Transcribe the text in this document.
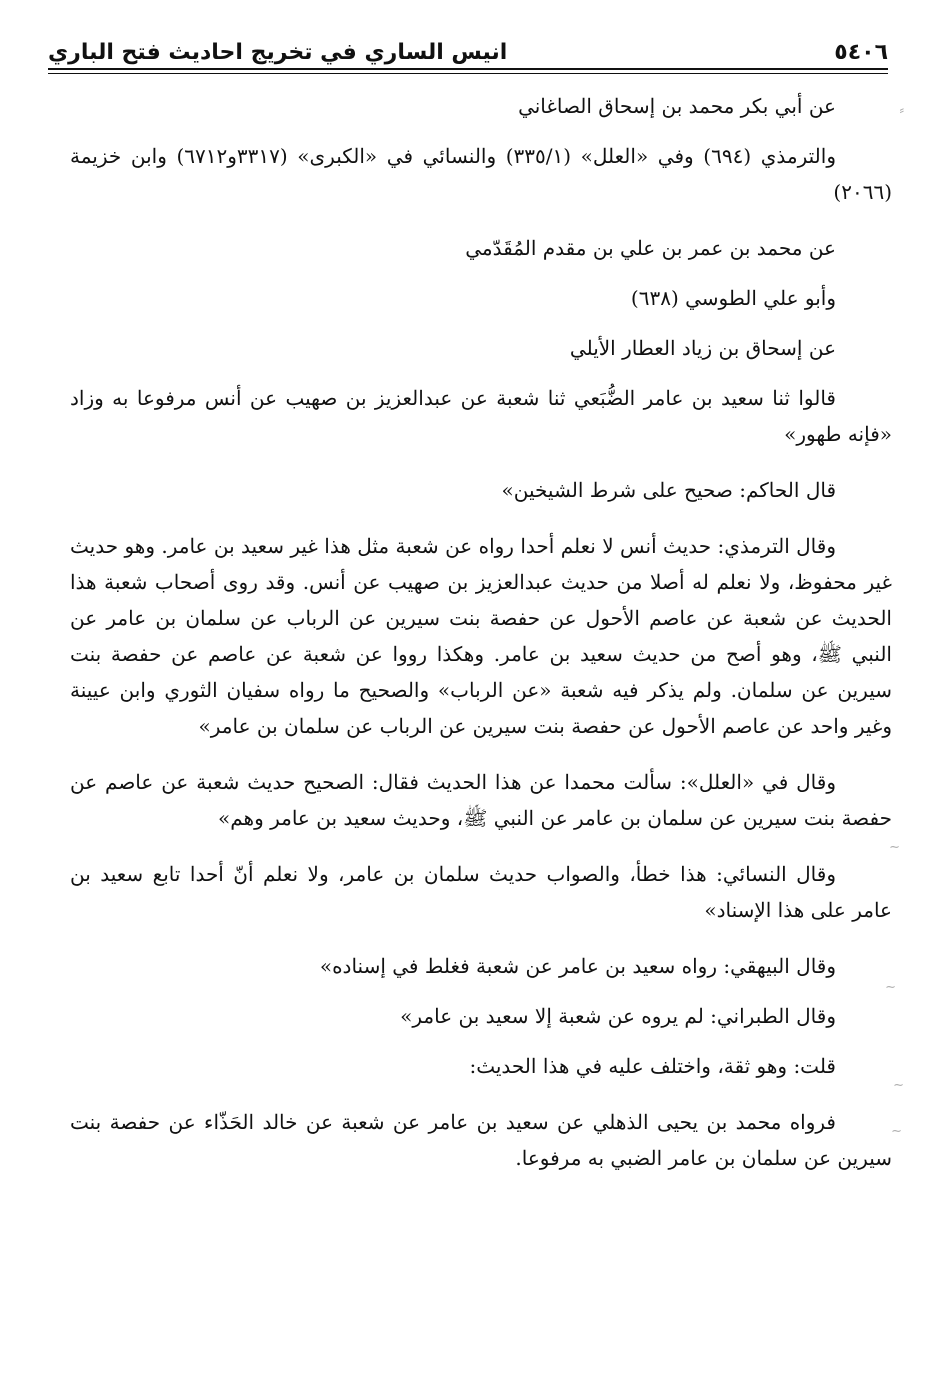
٥٤٠٦
انيس الساري في تخريج احاديث فتح الباري

عن أبي بكر محمد بن إسحاق الصاغاني

والترمذي (٦٩٤) وفي «العلل» (٣٣٥/١) والنسائي في «الكبرى» (٣٣١٧و٦٧١٢) وابن خزيمة (٢٠٦٦)

عن محمد بن عمر بن علي بن مقدم المُقَدّمي

وأبو علي الطوسي (٦٣٨)

عن إسحاق بن زياد العطار الأيلي

قالوا ثنا سعيد بن عامر الضُّبَعي ثنا شعبة عن عبدالعزيز بن صهيب عن أنس مرفوعا به وزاد «فإنه طهور»

قال الحاكم: صحيح على شرط الشيخين»

وقال الترمذي: حديث أنس لا نعلم أحدا رواه عن شعبة مثل هذا غير سعيد بن عامر. وهو حديث غير محفوظ، ولا نعلم له أصلا من حديث عبدالعزيز بن صهيب عن أنس. وقد روى أصحاب شعبة هذا الحديث عن شعبة عن عاصم الأحول عن حفصة بنت سيرين عن الرباب عن سلمان بن عامر عن النبي ﷺ، وهو أصح من حديث سعيد بن عامر. وهكذا رووا عن شعبة عن عاصم عن حفصة بنت سيرين عن سلمان. ولم يذكر فيه شعبة «عن الرباب» والصحيح ما رواه سفيان الثوري وابن عيينة وغير واحد عن عاصم الأحول عن حفصة بنت سيرين عن الرباب عن سلمان بن عامر»

وقال في «العلل»: سألت محمدا عن هذا الحديث فقال: الصحيح حديث شعبة عن عاصم عن حفصة بنت سيرين عن سلمان بن عامر عن النبي ﷺ، وحديث سعيد بن عامر وهم»

وقال النسائي: هذا خطأ، والصواب حديث سلمان بن عامر، ولا نعلم أنّ أحدا تابع سعيد بن عامر على هذا الإسناد»

وقال البيهقي: رواه سعيد بن عامر عن شعبة فغلط في إسناده»

وقال الطبراني: لم يروه عن شعبة إلا سعيد بن عامر»

قلت: وهو ثقة، واختلف عليه في هذا الحديث:

فرواه محمد بن يحيى الذهلي عن سعيد بن عامر عن شعبة عن خالد الحَذّاء عن حفصة بنت سيرين عن سلمان بن عامر الضبي به مرفوعا.

⸗
∽
∽
∽
∽
